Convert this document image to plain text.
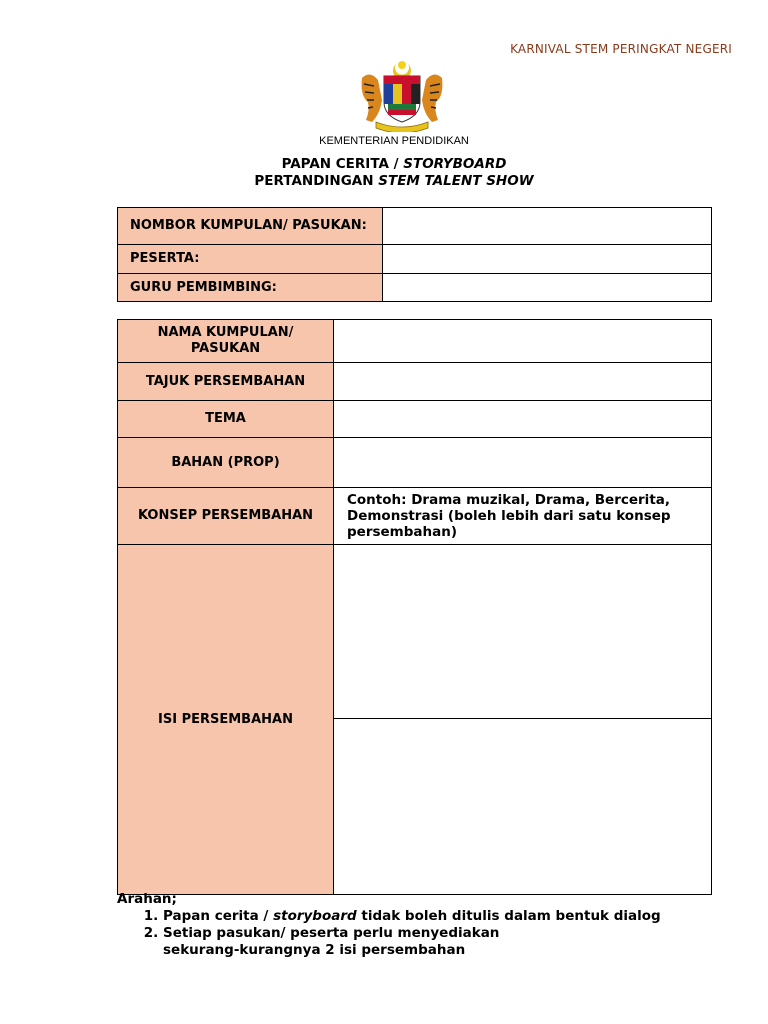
KARNIVAL STEM PERINGKAT NEGERI
KEMENTERIAN PENDIDIKAN
PAPAN CERITA / STORYBOARD
PERTANDINGAN STEM TALENT SHOW
NOMBOR KUMPULAN/ PASUKAN:	
PESERTA:	
GURU PEMBIMBING:	
NAMA KUMPULAN/ PASUKAN	
TAJUK PERSEMBAHAN	
TEMA	
BAHAN (PROP)	
KONSEP PERSEMBAHAN	Contoh: Drama muzikal, Drama, Bercerita, Demonstrasi (boleh lebih dari satu konsep persembahan)
ISI PERSEMBAHAN	
Arahan;
1. Papan cerita / storyboard tidak boleh ditulis dalam bentuk dialog
2. Setiap pasukan/ peserta perlu menyediakan
sekurang-kurangnya 2 isi persembahan
